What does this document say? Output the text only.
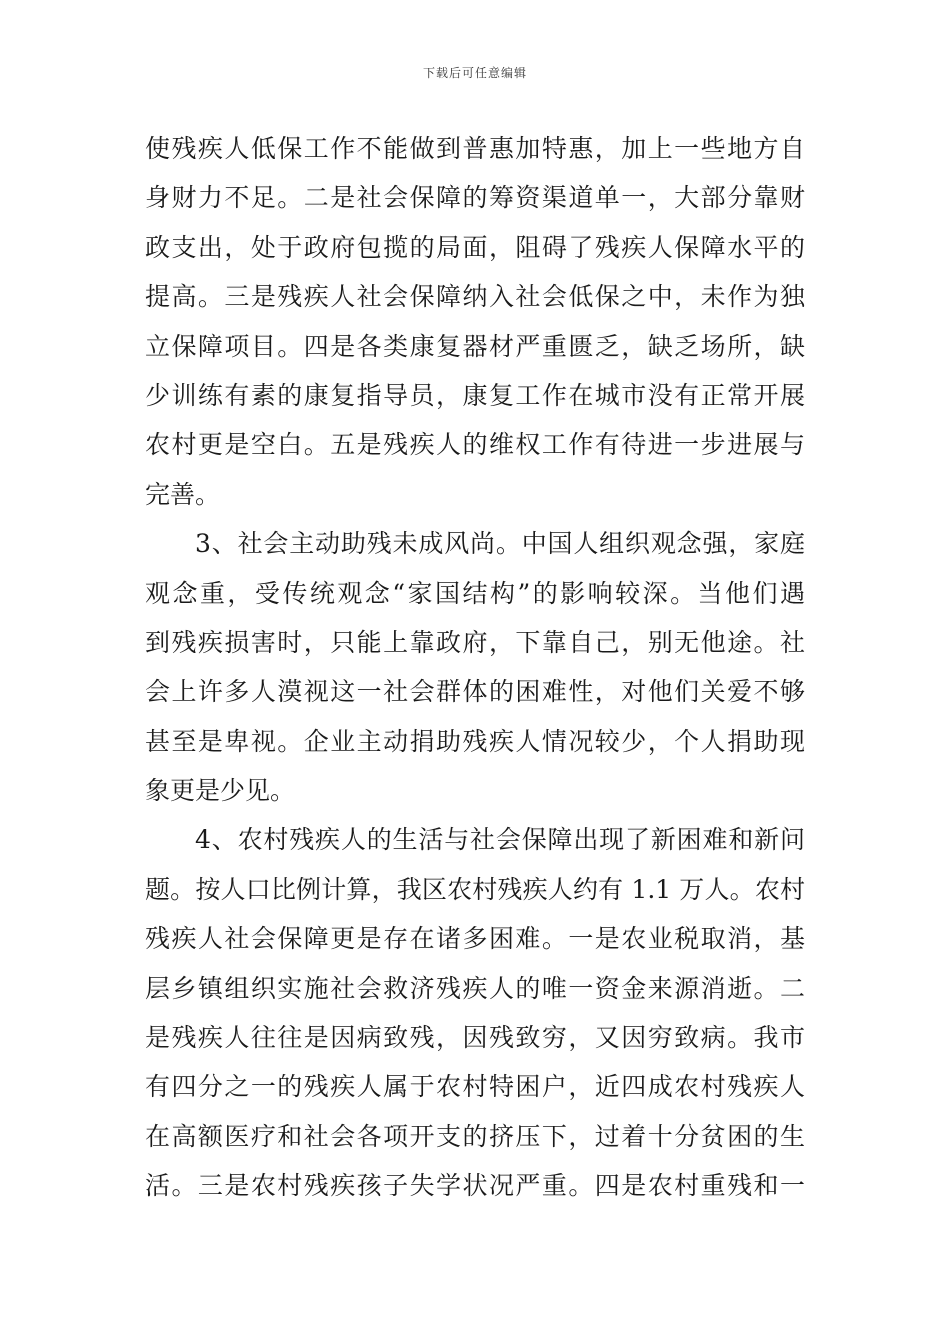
下载后可任意编辑
使残疾人低保工作不能做到普惠加特惠，加上一些地方自
身财力不足。二是社会保障的筹资渠道单一，大部分靠财
政支出，处于政府包揽的局面，阻碍了残疾人保障水平的
提高。三是残疾人社会保障纳入社会低保之中，未作为独
立保障项目。四是各类康复器材严重匮乏，缺乏场所，缺
少训练有素的康复指导员，康复工作在城市没有正常开展
农村更是空白。五是残疾人的维权工作有待进一步进展与
完善。
3、社会主动助残未成风尚。中国人组织观念强，家庭
观念重，受传统观念“家国结构”的影响较深。当他们遇
到残疾损害时，只能上靠政府，下靠自己，别无他途。社
会上许多人漠视这一社会群体的困难性，对他们关爱不够
甚至是卑视。企业主动捐助残疾人情况较少，个人捐助现
象更是少见。
4、农村残疾人的生活与社会保障出现了新困难和新问
题。按人口比例计算，我区农村残疾人约有 1.1 万人。农村
残疾人社会保障更是存在诸多困难。一是农业税取消，基
层乡镇组织实施社会救济残疾人的唯一资金来源消逝。二
是残疾人往往是因病致残，因残致穷，又因穷致病。我市
有四分之一的残疾人属于农村特困户，近四成农村残疾人
在高额医疗和社会各项开支的挤压下，过着十分贫困的生
活。三是农村残疾孩子失学状况严重。四是农村重残和一
